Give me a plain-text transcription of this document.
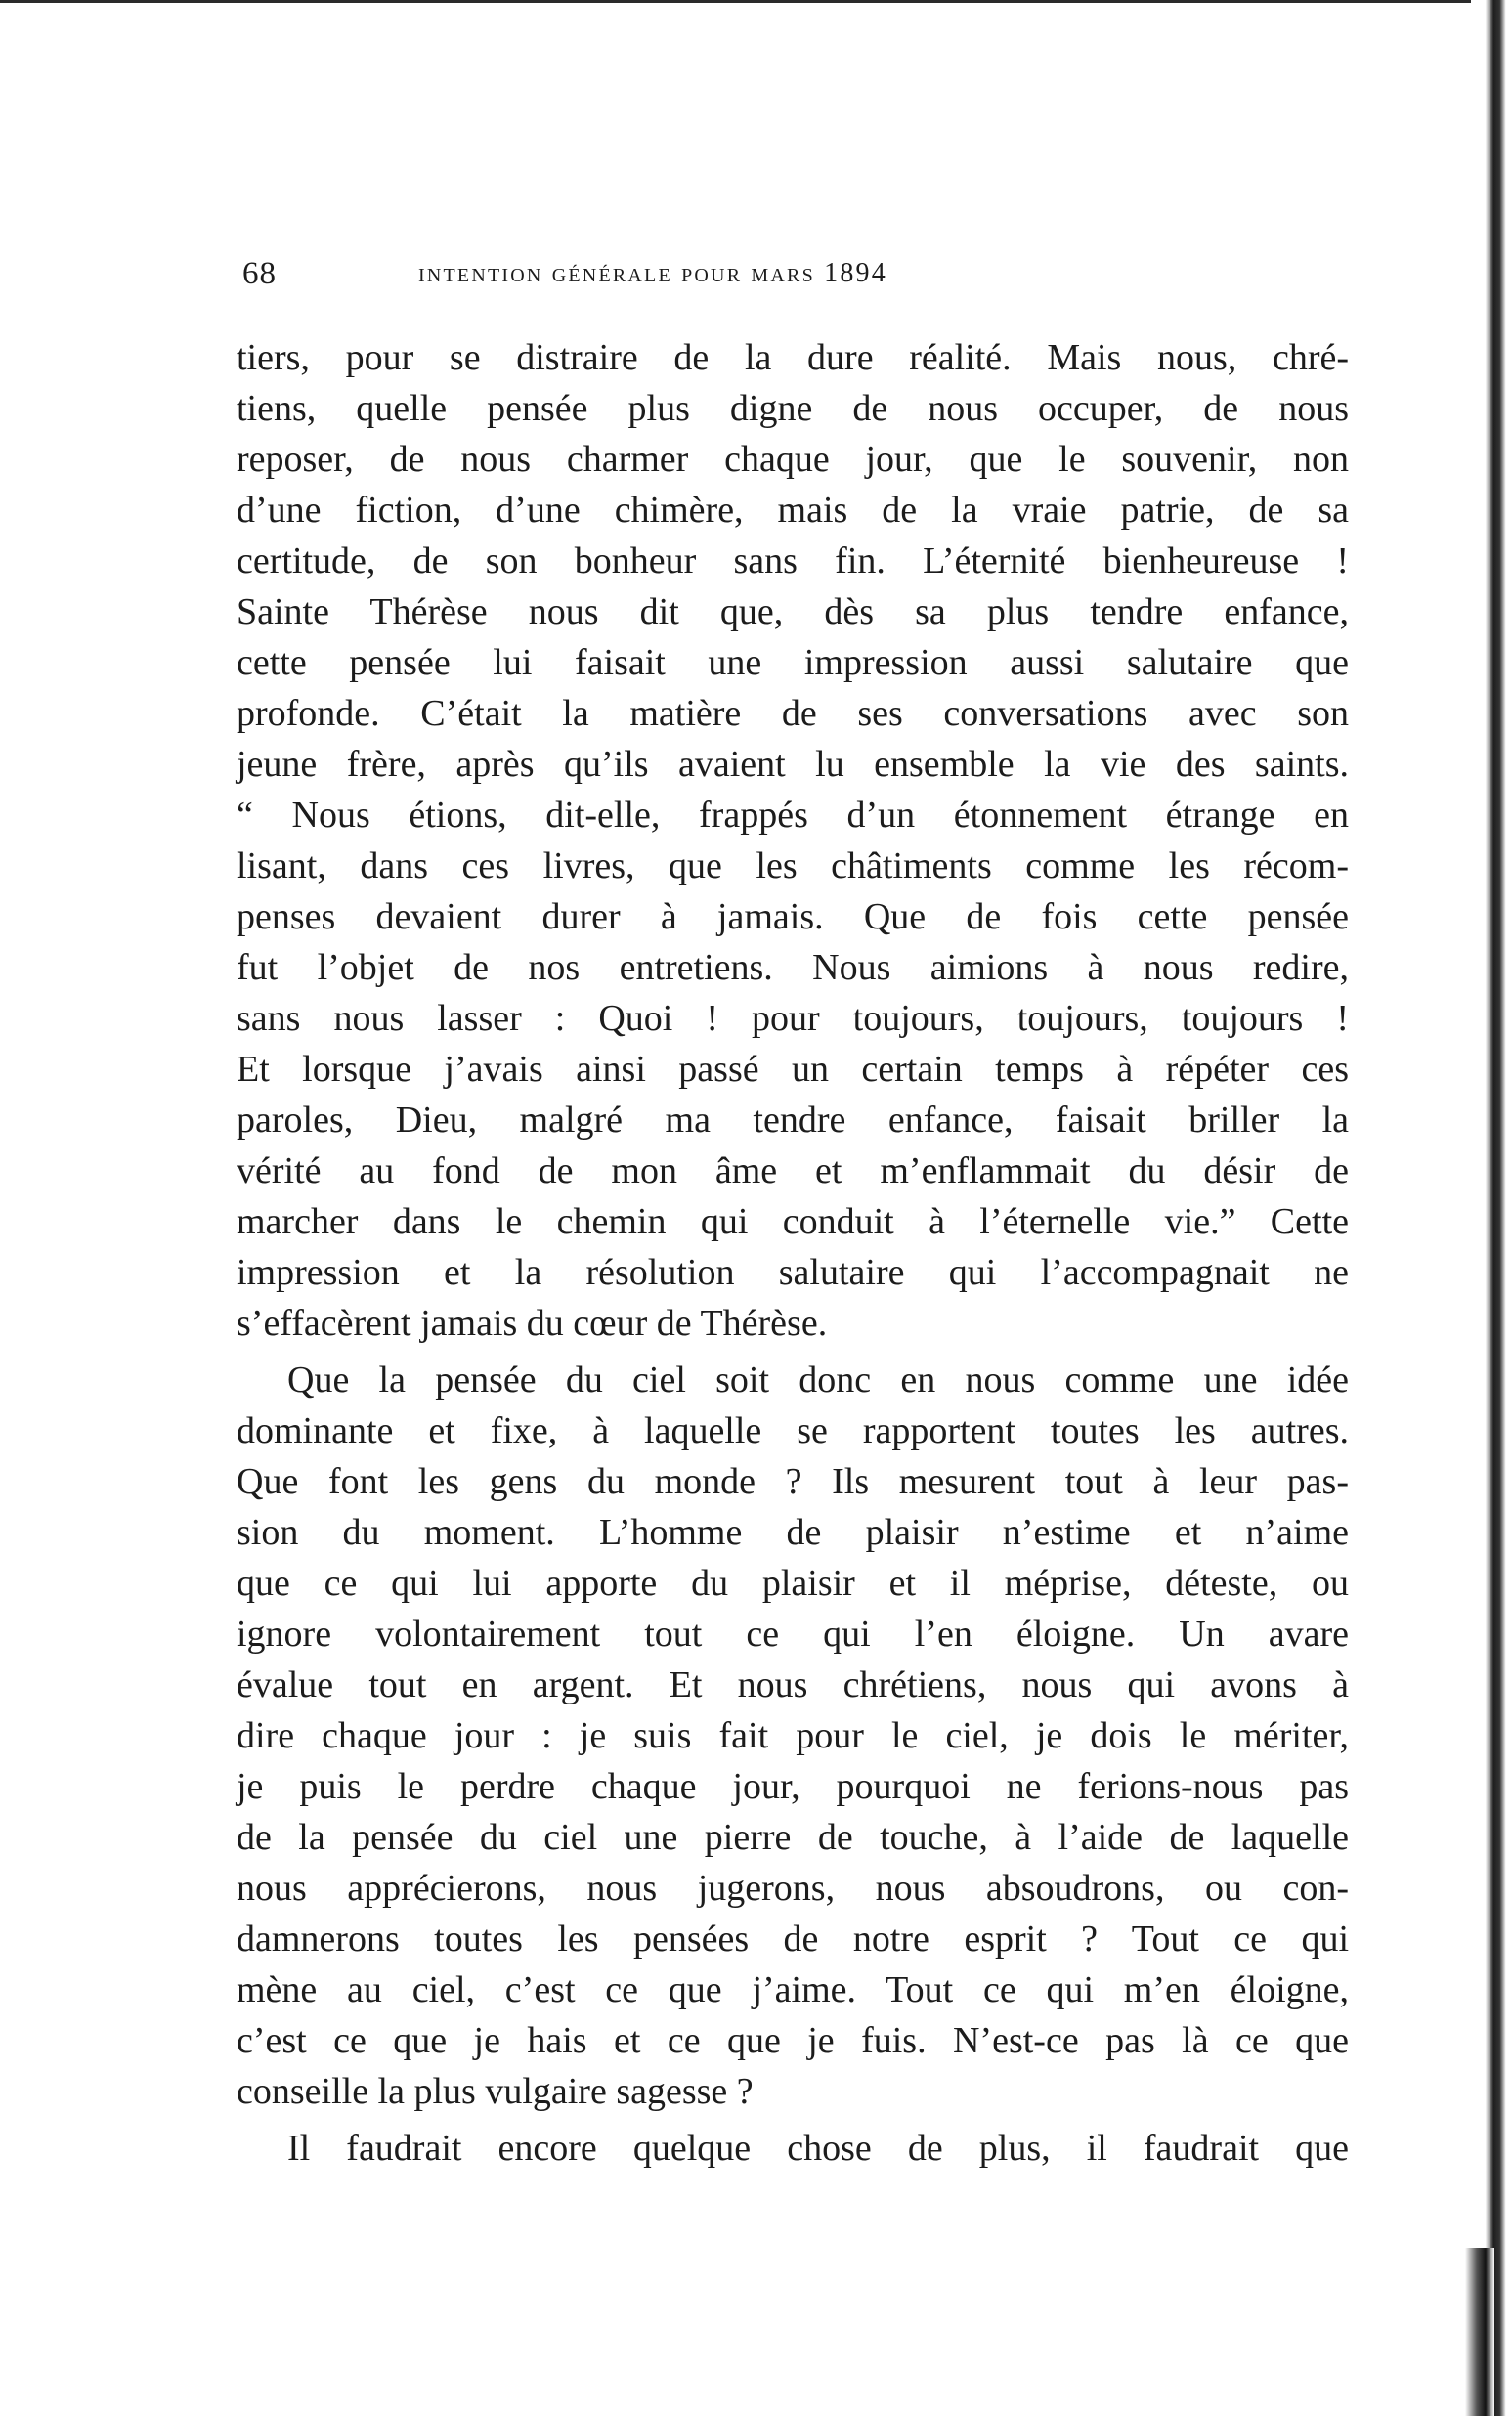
68	intention générale pour mars 1894
tiers, pour se distraire de la dure réalité. Mais nous, chré-
tiens, quelle pensée plus digne de nous occuper, de nous
reposer, de nous charmer chaque jour, que le souvenir, non
d’une fiction, d’une chimère, mais de la vraie patrie, de sa
certitude, de son bonheur sans fin. L’éternité bienheureuse !
Sainte Thérèse nous dit que, dès sa plus tendre enfance,
cette pensée lui faisait une impression aussi salutaire que
profonde. C’était la matière de ses conversations avec son
jeune frère, après qu’ils avaient lu ensemble la vie des saints.
“ Nous étions, dit-elle, frappés d’un étonnement étrange en
lisant, dans ces livres, que les châtiments comme les récom-
penses devaient durer à jamais. Que de fois cette pensée
fut l’objet de nos entretiens. Nous aimions à nous redire,
sans nous lasser : Quoi ! pour toujours, toujours, toujours !
Et lorsque j’avais ainsi passé un certain temps à répéter ces
paroles, Dieu, malgré ma tendre enfance, faisait briller la
vérité au fond de mon âme et m’enflammait du désir de
marcher dans le chemin qui conduit à l’éternelle vie.” Cette
impression et la résolution salutaire qui l’accompagnait ne
s’effacèrent jamais du cœur de Thérèse.
Que la pensée du ciel soit donc en nous comme une idée
dominante et fixe, à laquelle se rapportent toutes les autres.
Que font les gens du monde ? Ils mesurent tout à leur pas-
sion du moment. L’homme de plaisir n’estime et n’aime
que ce qui lui apporte du plaisir et il méprise, déteste, ou
ignore volontairement tout ce qui l’en éloigne. Un avare
évalue tout en argent. Et nous chrétiens, nous qui avons à
dire chaque jour : je suis fait pour le ciel, je dois le mériter,
je puis le perdre chaque jour, pourquoi ne ferions-nous pas
de la pensée du ciel une pierre de touche, à l’aide de laquelle
nous apprécierons, nous jugerons, nous absoudrons, ou con-
damnerons toutes les pensées de notre esprit ? Tout ce qui
mène au ciel, c’est ce que j’aime. Tout ce qui m’en éloigne,
c’est ce que je hais et ce que je fuis. N’est-ce pas là ce que
conseille la plus vulgaire sagesse ?
Il faudrait encore quelque chose de plus, il faudrait que
